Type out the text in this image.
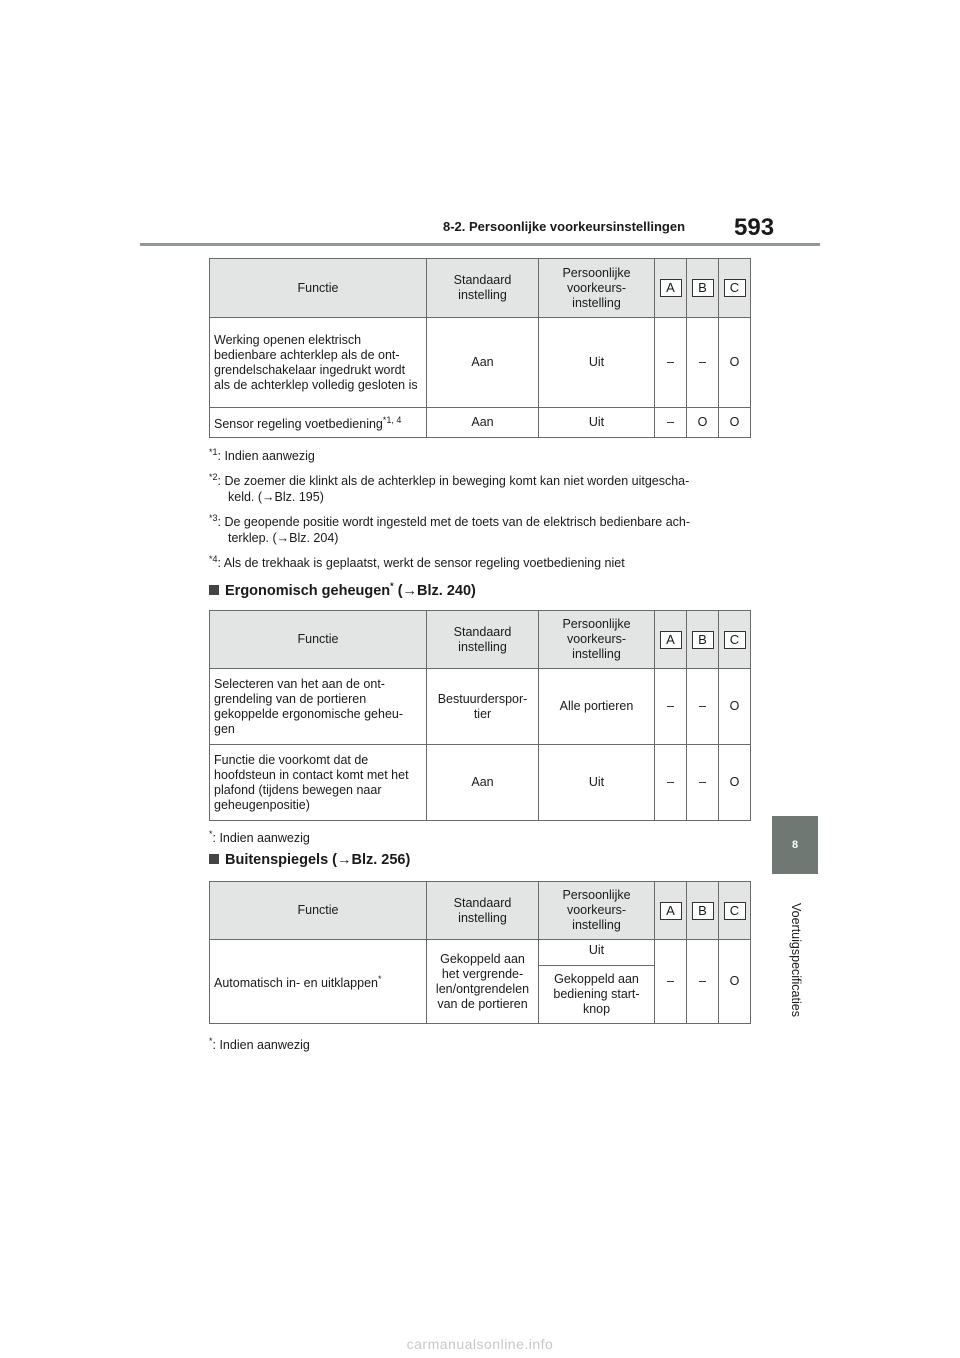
8-2. Persoonlijke voorkeursinstellingen 593
8
Voertuigspecificaties
Functie	Standaard instelling	Persoonlijke voorkeurs-instelling	A	B	C
Werking openen elektrisch bedienbare achterklep als de ont-grendelschakelaar ingedrukt wordt als de achterklep volledig gesloten is	Aan	Uit	–	–	O
Sensor regeling voetbediening$^{*1, 4}$	Aan	Uit	–	O	O
$^{*1}$: Indien aanwezig
$^{*2}$: De zoemer die klinkt als de achterklep in beweging komt kan niet worden uitgescha-
keld. (→Blz. 195)
$^{*3}$: De geopende positie wordt ingesteld met de toets van de elektrisch bedienbare ach-
terklep. (→Blz. 204)
$^{*4}$: Als de trekhaak is geplaatst, werkt de sensor regeling voetbediening niet
Ergonomisch geheugen* (→Blz. 240)
Functie	Standaard instelling	Persoonlijke voorkeurs-instelling	A	B	C
Selecteren van het aan de ont-grendeling van de portieren gekoppelde ergonomische geheu-gen	Bestuurderspor-tier	Alle portieren	–	–	O
Functie die voorkomt dat de hoofdsteun in contact komt met het plafond (tijdens bewegen naar geheugenpositie)	Aan	Uit	–	–	O
*: Indien aanwezig
Buitenspiegels (→Blz. 256)
Functie	Standaard instelling	Persoonlijke voorkeurs-instelling	A	B	C
Automatisch in- en uitklappen*	Gekoppeld aan het vergrende-len/ontgrendelen van de portieren	Uit	–	–	O
		Gekoppeld aan bediening start-knop			
*: Indien aanwezig
carmanualsonline.info
